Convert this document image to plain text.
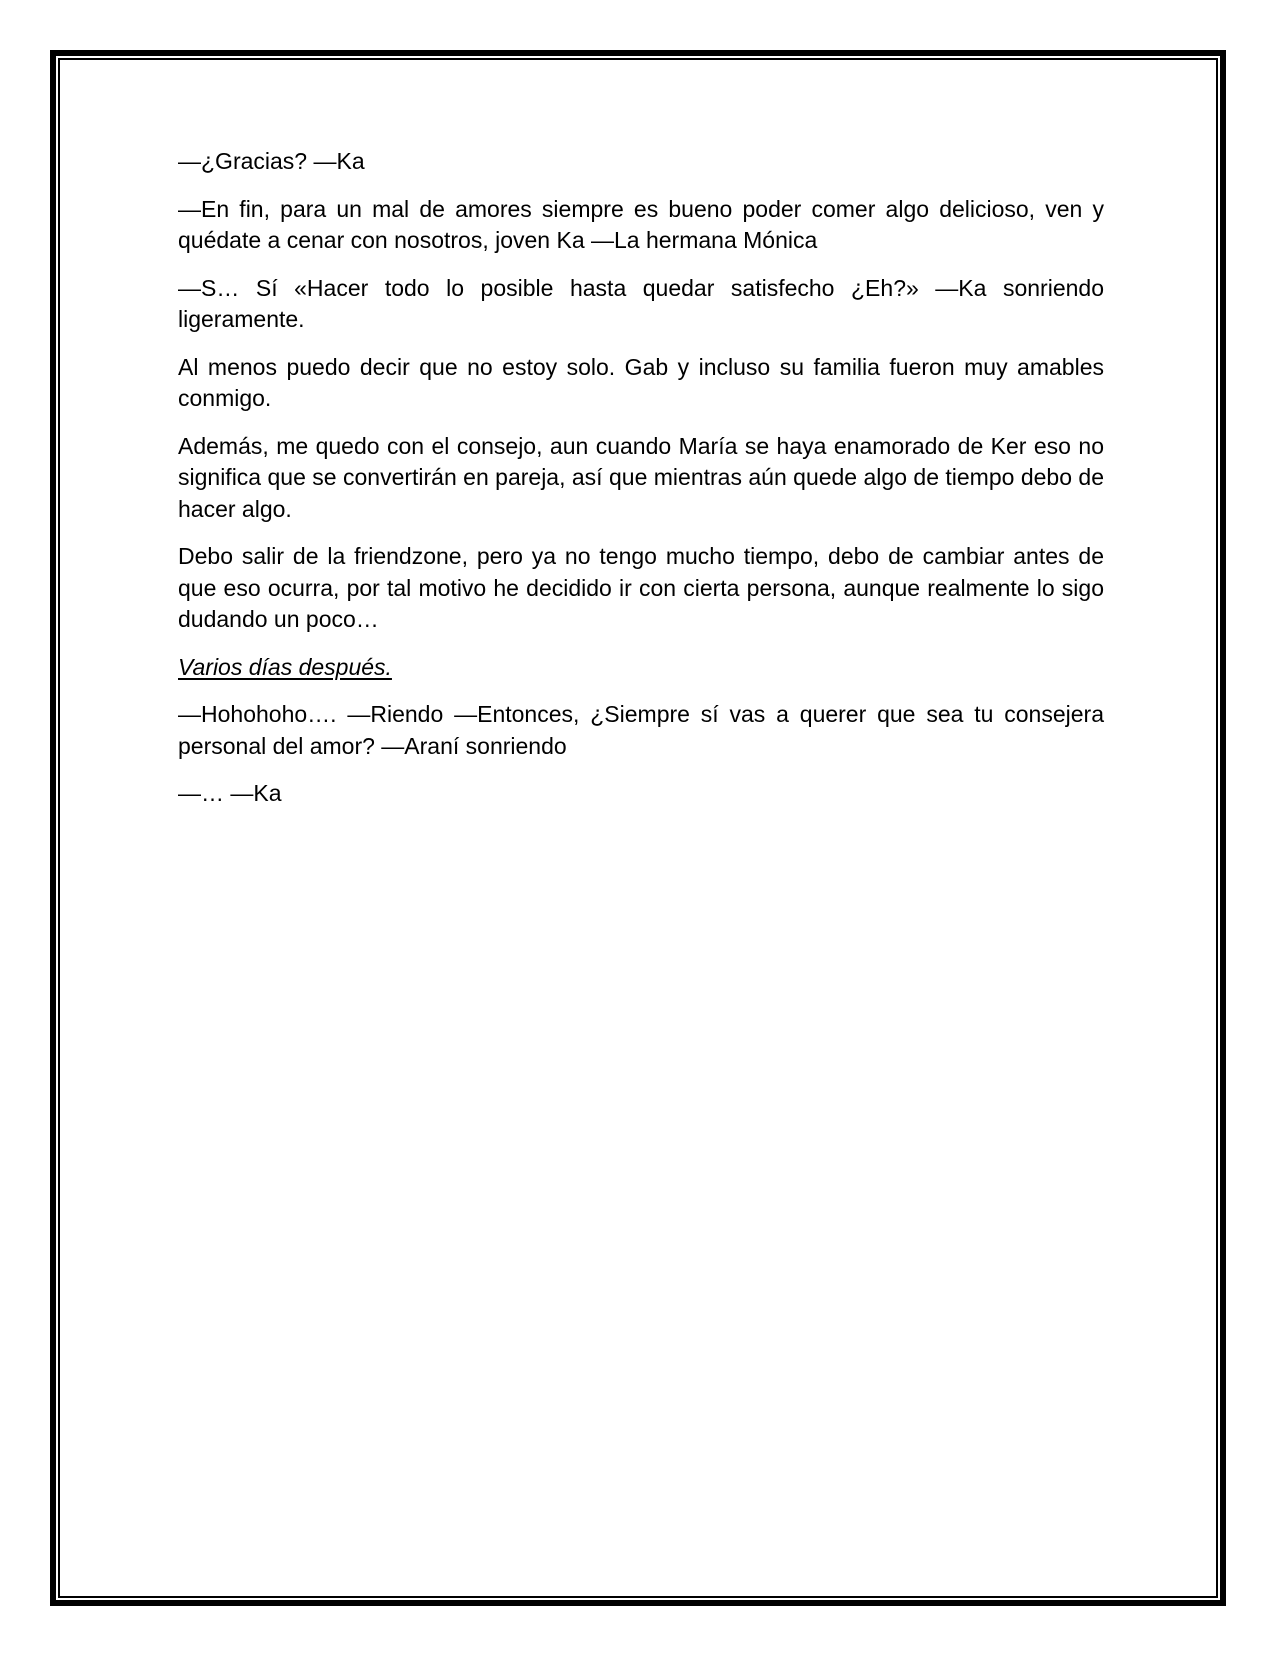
—¿Gracias? —Ka

—En fin, para un mal de amores siempre es bueno poder comer algo delicioso, ven y quédate a cenar con nosotros, joven Ka —La hermana Mónica

—S… Sí «Hacer todo lo posible hasta quedar satisfecho ¿Eh?» —Ka sonriendo ligeramente.

Al menos puedo decir que no estoy solo. Gab y incluso su familia fueron muy amables conmigo.

Además, me quedo con el consejo, aun cuando María se haya enamorado de Ker eso no significa que se convertirán en pareja, así que mientras aún quede algo de tiempo debo de hacer algo.

Debo salir de la friendzone, pero ya no tengo mucho tiempo, debo de cambiar antes de que eso ocurra, por tal motivo he decidido ir con cierta persona, aunque realmente lo sigo dudando un poco…

Varios días después.

—Hohohoho…. —Riendo —Entonces, ¿Siempre sí vas a querer que sea tu consejera personal del amor? —Araní sonriendo

—… —Ka
